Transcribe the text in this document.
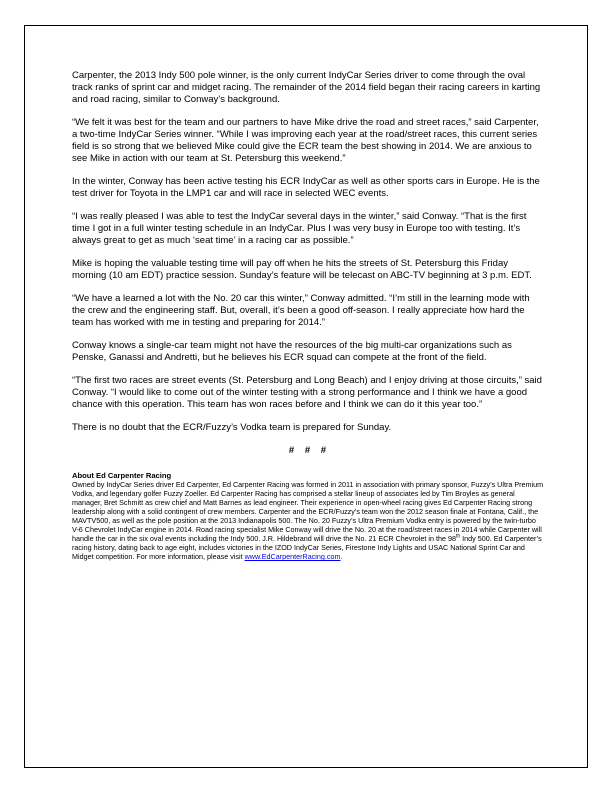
Carpenter, the 2013 Indy 500 pole winner, is the only current IndyCar Series driver to come through the oval track ranks of sprint car and midget racing. The remainder of the 2014 field began their racing careers in karting and road racing, similar to Conway’s background.

“We felt it was best for the team and our partners to have Mike drive the road and street races,” said Carpenter, a two-time IndyCar Series winner. “While I was improving each year at the road/street races, this current series field is so strong that we believed Mike could give the ECR team the best showing in 2014. We are anxious to see Mike in action with our team at St. Petersburg this weekend.”

In the winter, Conway has been active testing his ECR IndyCar as well as other sports cars in Europe. He is the test driver for Toyota in the LMP1 car and will race in selected WEC events.

“I was really pleased I was able to test the IndyCar several days in the winter,” said Conway. “That is the first time I got in a full winter testing schedule in an IndyCar. Plus I was very busy in Europe too with testing. It’s always great to get as much ‘seat time’ in a racing car as possible.”

Mike is hoping the valuable testing time will pay off when he hits the streets of St. Petersburg this Friday morning (10 am EDT) practice session. Sunday’s feature will be telecast on ABC-TV beginning at 3 p.m. EDT.

“We have a learned a lot with the No. 20 car this winter,” Conway admitted. “I’m still in the learning mode with the crew and the engineering staff. But, overall, it’s been a good off-season. I really appreciate how hard the team has worked with me in testing and preparing for 2014.”

Conway knows a single-car team might not have the resources of the big multi-car organizations such as Penske, Ganassi and Andretti, but he believes his ECR squad can compete at the front of the field.

“The first two races are street events (St. Petersburg and Long Beach) and I enjoy driving at those circuits,” said Conway. “I would like to come out of the winter testing with a strong performance and I think we have a good chance with this operation. This team has won races before and I think we can do it this year too.”

There is no doubt that the ECR/Fuzzy’s Vodka team is prepared for Sunday.

# # #
About Ed Carpenter Racing
Owned by IndyCar Series driver Ed Carpenter, Ed Carpenter Racing was formed in 2011 in association with primary sponsor, Fuzzy’s Ultra Premium Vodka, and legendary golfer Fuzzy Zoeller. Ed Carpenter Racing has comprised a stellar lineup of associates led by Tim Broyles as general manager, Bret Schmitt as crew chief and Matt Barnes as lead engineer. Their experience in open-wheel racing gives Ed Carpenter Racing strong leadership along with a solid contingent of crew members. Carpenter and the ECR/Fuzzy’s team won the 2012 season finale at Fontana, Calif., the MAVTV500, as well as the pole position at the 2013 Indianapolis 500. The No. 20 Fuzzy’s Ultra Premium Vodka entry is powered by the twin-turbo V-6 Chevrolet IndyCar engine in 2014. Road racing specialist Mike Conway will drive the No. 20 at the road/street races in 2014 while Carpenter will handle the car in the six oval events including the Indy 500. J.R. Hildebrand will drive the No. 21 ECR Chevrolet in the 98th Indy 500. Ed Carpenter’s racing history, dating back to age eight, includes victories in the IZOD IndyCar Series, Firestone Indy Lights and USAC National Sprint Car and Midget competition. For more information, please visit www.EdCarpenterRacing.com.
